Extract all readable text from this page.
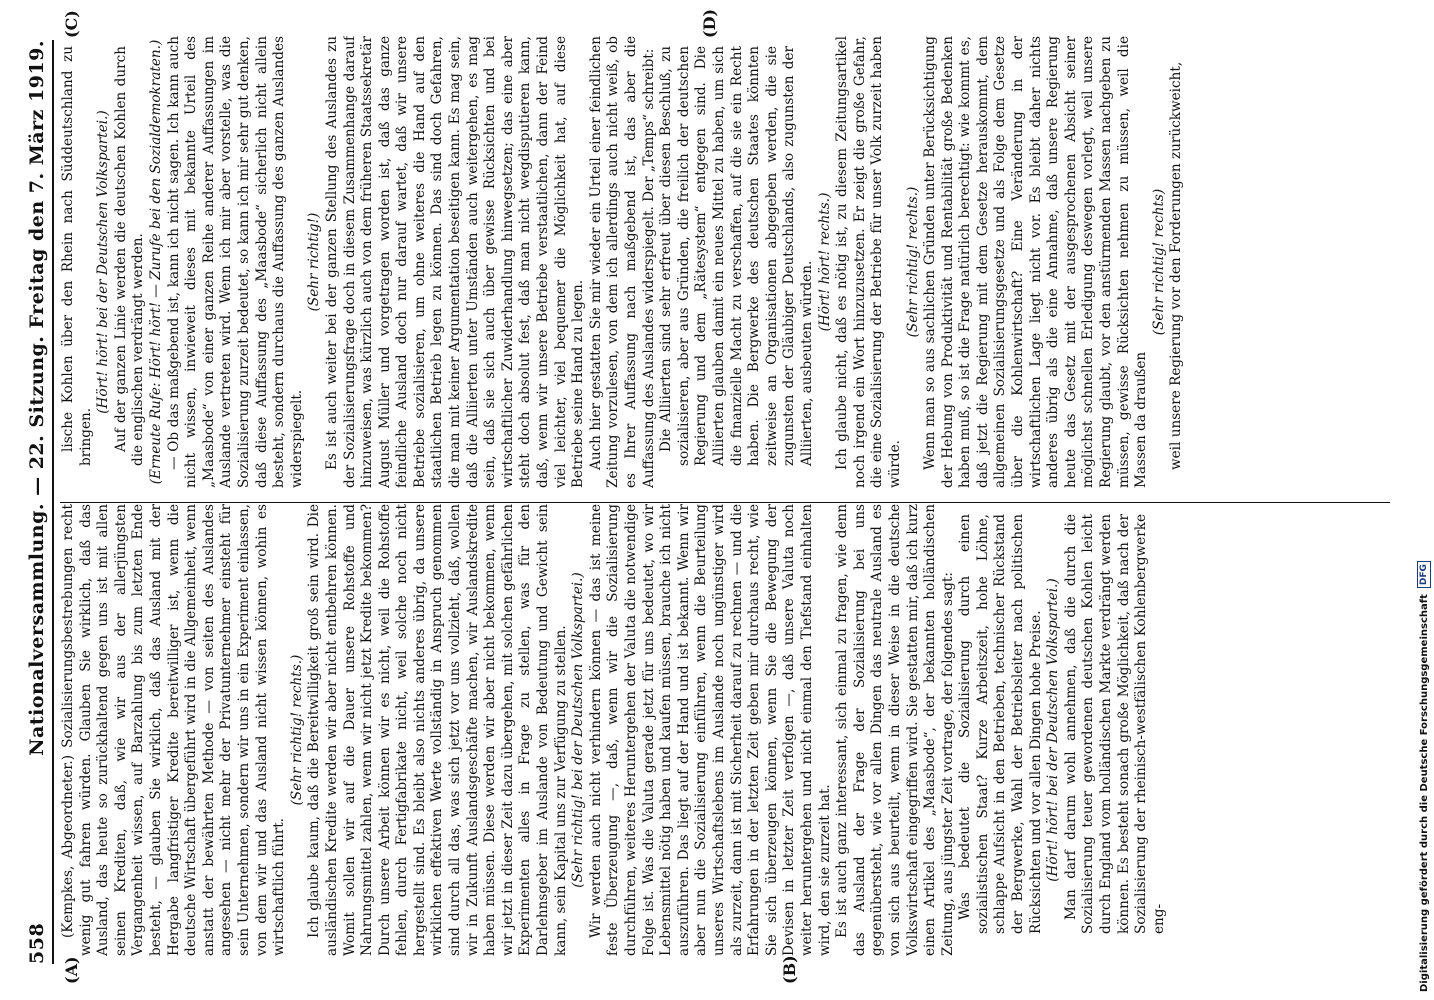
558
Nationalversammlung. — 22. Sitzung. Freitag den 7. März 1919.
(A)	(B)
(C)	(D)

(Kempkes, Abgeordneter.) Sozialisierungsbestrebungen recht wenig gut fahren würden. Glauben Sie wirklich, daß das Ausland, das heute so zurückhaltend gegen uns ist mit allen seinen Krediten, daß, wie wir aus der allerjüngsten Vergangenheit wissen, auf Barzahlung bis zum letzten Ende besteht, — glauben Sie wirklich, daß das Ausland mit der Hergabe langfristiger Kredite bereitwilliger ist, wenn die deutsche Wirtschaft übergeführt wird in die Allgemeinheit, wenn anstatt der bewährten Methode — von seiten des Auslandes angesehen — nicht mehr der Privatunternehmer einsteht für sein Unternehmen, sondern wir uns in ein Experiment einlassen, von dem wir und das Ausland nicht wissen können, wohin es wirtschaftlich führt.

(Sehr richtig! rechts.) Ich glaube kaum, daß die Bereitwilligkeit groß sein wird. Die ausländischen Kredite werden wir aber nicht entbehren können. Womit sollen wir auf die Dauer unsere Rohstoffe und Nahrungsmittel zahlen, wenn wir nicht jetzt Kredite bekommen? Durch unsere Arbeit können wir es nicht, weil die Rohstoffe fehlen, durch Fertigfabrikate nicht, weil solche noch nicht hergestellt sind. Es bleibt also nichts anderes übrig, da unsere wirklichen effektiven Werte vollständig in Anspruch genommen sind durch all das, was sich jetzt vor uns vollzieht, daß, wollen wir in Zukunft Auslandsgeschäfte machen, wir Auslandskredite haben müssen. Diese werden wir aber nicht bekommen, wenn wir jetzt in dieser Zeit dazu übergehen, mit solchen gefährlichen Experimenten alles in Frage zu stellen, was für den Darlehnsgeber im Auslande von Bedeutung und Gewicht sein kann, sein Kapital uns zur Verfügung zu stellen. (Sehr richtig! bei der Deutschen Volkspartei.) Wir werden auch nicht verhindern können — das ist meine feste Überzeugung —, daß, wenn wir die Sozialisierung durchführen, weiteres Heruntergehen der Valuta die notwendige Folge ist. Was die Valuta gerade jetzt für uns bedeutet, wo wir Lebensmittel nötig haben und kaufen müssen, brauche ich nicht auszuführen. Das liegt auf der Hand und ist bekannt. Wenn wir aber nun die Sozialisierung einführen, wenn die Beurteilung unseres Wirtschaftslebens im Auslande noch ungünstiger wird als zurzeit, dann ist mit Sicherheit darauf zu rechnen — und die Erfahrungen in der letzten Zeit geben mir durchaus recht, wie Sie sich überzeugen können, wenn Sie die Bewegung der Devisen in letzter Zeit verfolgen —, daß unsere Valuta noch weiter heruntergehen und nicht einmal den Tiefstand einhalten wird, den sie zurzeit hat. Es ist auch ganz interessant, sich einmal zu fragen, wie denn das Ausland der Frage der Sozialisierung bei uns gegenübersteht, wie vor allen Dingen das neutrale Ausland es von sich aus beurteilt, wenn in dieser Weise in die deutsche Volkswirtschaft eingegriffen wird. Sie gestatten mir, daß ich kurz einen Artikel des „Maasbode“, der bekannten holländischen Zeitung, aus jüngster Zeit vortrage, der folgendes sagt: Was bedeutet die Sozialisierung durch einen sozialistischen Staat? Kurze Arbeitszeit, hohe Löhne, schlappe Aufsicht in den Betrieben, technischer Rückstand der Bergwerke, Wahl der Betriebsleiter nach politischen Rücksichten und vor allen Dingen hohe Preise. (Hört! hört! bei der Deutschen Volkspartei.) Man darf darum wohl annehmen, daß die durch die Sozialisierung teuer gewordenen deutschen Kohlen leicht durch England vom holländischen Markte verdrängt werden können. Es besteht sonach große Möglichkeit, daß nach der Sozialisierung der rheinisch-westfälischen Kohlenbergwerke eng-

lische Kohlen über den Rhein nach Süddeutschland zu bringen.

(Hört! hört! bei der Deutschen Volkspartei.) Auf der ganzen Linie werden die deutschen Kohlen durch die englischen verdrängt werden. (Erneute Rufe: Hört! hört! — Zurufe bei den Sozialdemokraten.) — Ob das maßgebend ist, kann ich nicht sagen. Ich kann auch nicht wissen, inwieweit dieses mit bekannte Urteil des „Maasbode“ von einer ganzen Reihe anderer Auffassungen im Auslande vertreten wird. Wenn ich mir aber vorstelle, was die Sozialisierung zurzeit bedeutet, so kann ich mir sehr gut denken, daß diese Auffassung des „Maasbode“ sicherlich nicht allein besteht, sondern durchaus die Auffassung des ganzen Auslandes widerspiegelt.

(Sehr richtig!) Es ist auch weiter bei der ganzen Stellung des Auslandes zu der Sozialisierungsfrage doch in diesem Zusammenhange darauf hinzuweisen, was kürzlich auch von dem früheren Staatssekretär August Müller und vorgetragen worden ist, daß das ganze feindliche Ausland doch nur darauf wartet, daß wir unsere Betriebe sozialisieren, um ohne weiteres die Hand auf den staatlichen Betrieb legen zu können. Das sind doch Gefahren, die man mit keiner Argumentation beseitigen kann. Es mag sein, daß die Alliierten unter Umständen auch weitergehen, es mag sein, daß sie sich auch über gewisse Rücksichten und bei wirtschaftlicher Zuwiderhandlung hinwegsetzen; das eine aber steht doch absolut fest, daß man nicht wegdisputieren kann, daß, wenn wir unsere Betriebe verstaatlichen, dann der Feind viel leichter, viel bequemer die Möglichkeit hat, auf diese Betriebe seine Hand zu legen. Auch hier gestatten Sie mir wieder ein Urteil einer feindlichen Zeitung vorzulesen, von dem ich allerdings auch nicht weiß, ob es Ihrer Auffassung nach maßgebend ist, das aber die Auffassung des Auslandes widerspiegelt. Der „Temps“ schreibt: Die Alliierten sind sehr erfreut über diesen Beschluß, zu sozialisieren, aber aus Gründen, die freilich der deutschen Regierung und dem „Rätesystem“ entgegen sind. Die Alliierten glauben damit ein neues Mittel zu haben, um sich die finanzielle Macht zu verschaffen, auf die sie ein Recht haben. Die Bergwerke des deutschen Staates könnten zeitweise an Organisationen abgegeben werden, die sie zugunsten der Gläubiger Deutschlands, also zugunsten der Alliierten, ausbeuten würden. (Hört! hört! rechts.) Ich glaube nicht, daß es nötig ist, zu diesem Zeitungsartikel noch irgend ein Wort hinzuzusetzen. Er zeigt die große Gefahr, die eine Sozialisierung der Betriebe für unser Volk zurzeit haben würde.

(Sehr richtig! rechts.) Wenn man so aus sachlichen Gründen unter Berücksichtigung der Hebung von Produktivität und Rentabilität große Bedenken haben muß, so ist die Frage natürlich berechtigt: wie kommt es, daß jetzt die Regierung mit dem Gesetze herauskommt, dem allgemeinen Sozialisierungsgesetze und als Folge dem Gesetze über die Kohlenwirtschaft? Eine Veränderung in der wirtschaftlichen Lage liegt nicht vor. Es bleibt daher nichts anderes übrig als die eine Annahme, daß unsere Regierung heute das Gesetz mit der ausgesprochenen Absicht seiner möglichst schnellen Erledigung deswegen vorlegt, weil unsere Regierung glaubt, vor den anstürmenden Massen nachgeben zu müssen, gewisse Rücksichten nehmen zu müssen, weil die Massen da draußen

(Sehr richtig! rechts) weil unsere Regierung vor den Forderungen zurückweicht,

Digitalisierung gefördert durch die Deutsche Forschungsgemeinschaft
DFG
